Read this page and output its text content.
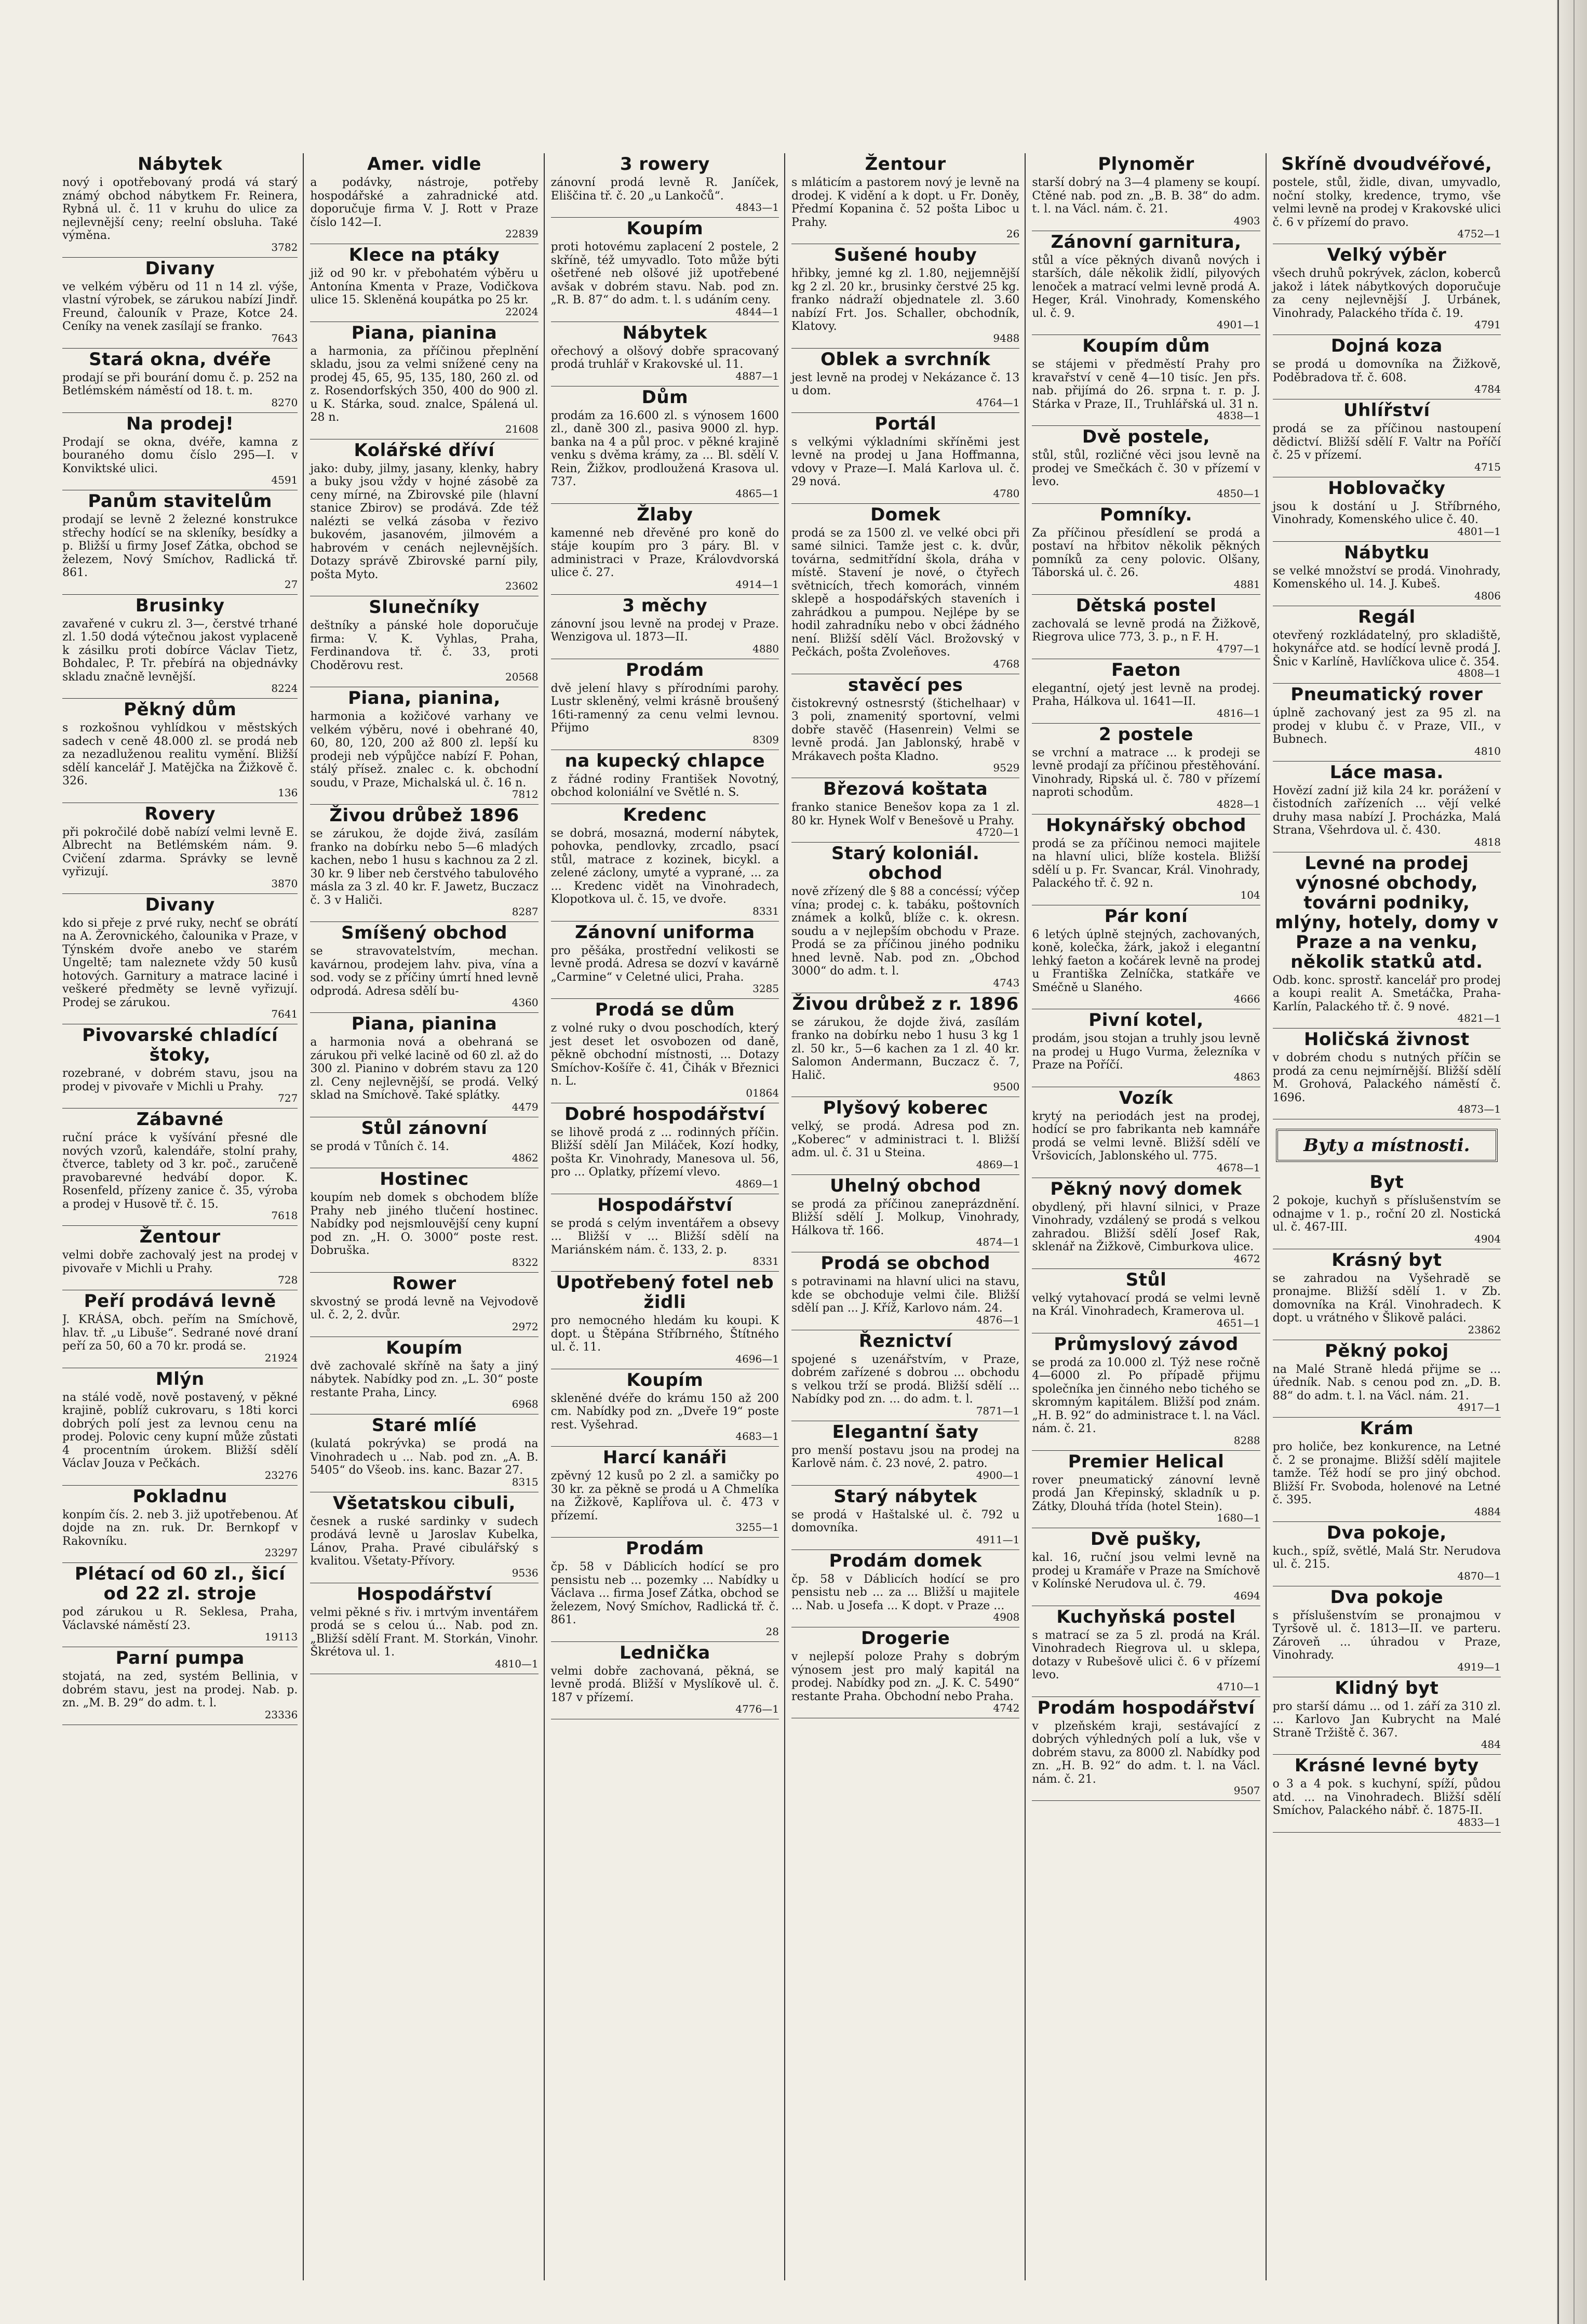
Nábytek

nový i opotřebovaný prodá vá starý známý obchod nábytkem Fr. Reinera, Rybná ul. č. 11 v kruhu do ulice za nejlevnější ceny; reelní obsluha. Také výměna.

3782
Divany

ve velkém výběru od 11 n 14 zl. výše, vlastní výrobek, se zárukou nabízí Jindř. Freund, čalouník v Praze, Kotce 24. Ceníky na venek zasílají se franko.

7643
Stará okna, dvéře

prodají se při bourání domu č. p. 252 na Betlémském náměstí od 18. t. m.

8270
Na prodej!

Prodají se okna, dvéře, kamna z bouraného domu číslo 295—I. v Konviktské ulici.

4591
Panům stavitelům

prodají se levně 2 železné konstrukce střechy hodící se na skleníky, besídky a p. Bližší u firmy Josef Zátka, obchod se železem, Nový Smíchov, Radlická tř. 861.

27
Brusinky

zavařené v cukru zl. 3—, čerstvé trhané zl. 1.50 dodá výtečnou jakost vyplaceně k zásilku proti dobírce Václav Tietz, Bohdalec, P. Tr. přebírá na objednávky skladu značně levnější.

8224
Pěkný dům

s rozkošnou vyhlídkou v městských sadech v ceně 48.000 zl. se prodá neb za nezadluženou realitu vymění. Bližší sdělí kancelář J. Matějčka na Žižkově č. 326.

136
Rovery

při pokročilé době nabízí velmi levně E. Albrecht na Betlémském nám. 9. Cvičení zdarma. Správky se levně vyřizují.

3870
Divany

kdo si přeje z prvé ruky, nechť se obrátí na A. Žerovnického, čalounika v Praze, v Týnském dvoře anebo ve starém Ungeltě; tam naleznete vždy 50 kusů hotových. Garnitury a matrace laciné i veškeré předměty se levně vyřizují. Prodej se zárukou.

7641
Pivovarské chladící štoky,

rozebrané, v dobrém stavu, jsou na prodej v pivovaře v Michli u Prahy.

727
Zábavné

ruční práce k vyšívání přesné dle nových vzorů, kalendáře, stolní prahy, čtverce, tablety od 3 kr. poč., zaručeně pravobarevné hedvábí dopor. K. Rosenfeld, přízeny zanice č. 35, výroba a prodej v Husově tř. č. 15.

7618
Žentour

velmi dobře zachovalý jest na prodej v pivovaře v Michli u Prahy.

728
Peří prodává levně

J. KRÁSA, obch. peřím na Smíchově, hlav. tř. „u Libuše“. Sedrané nové draní peří za 50, 60 a 70 kr. prodá se.

21924
Mlýn

na stálé vodě, nově postavený, v pěkné krajině, poblíž cukrovaru, s 18ti korci dobrých polí jest za levnou cenu na prodej. Polovic ceny kupní může zůstati 4 procentním úrokem. Bližší sdělí Václav Jouza v Pečkách.

23276
Pokladnu

konpím čís. 2. neb 3. již upotřebenou. Ať dojde na zn. ruk. Dr. Bernkopf v Rakovníku.

23297
Plétací od 60 zl., šicí od 22 zl. stroje

pod zárukou u R. Seklesa, Praha, Václavské náměstí 23.

19113
Parní pumpa

stojatá, na zed, systém Bellinia, v dobrém stavu, jest na prodej. Nab. p. zn. „M. B. 29“ do adm. t. l.

23336
Amer. vidle

a podávky, nástroje, potřeby hospodářské a zahradnické atd. doporučuje firma V. J. Rott v Praze číslo 142—I.

22839
Klece na ptáky

již od 90 kr. v přebohatém výběru u Antonína Kmenta v Praze, Vodičkova ulice 15. Skleněná koupátka po 25 kr.

22024
Piana, pianina

a harmonia, za příčinou přeplnění skladu, jsou za velmi snížené ceny na prodej 45, 65, 95, 135, 180, 260 zl. od z. Rosendorfských 350, 400 do 900 zl. u K. Stárka, soud. znalce, Spálená ul. 28 n.

21608
Kolářské dříví

jako: duby, jilmy, jasany, klenky, habry a buky jsou vždy v hojné zásobě za ceny mírné, na Zbirovské pile (hlavní stanice Zbirov) se prodává. Zde též nalézti se velká zásoba v řezivo bukovém, jasanovém, jilmovém a habrovém v cenách nejlevnějších. Dotazy správě Zbirovské parní pily, pošta Myto.

23602
Slunečníky

deštníky a pánské hole doporučuje firma: V. K. Vyhlas, Praha, Ferdinandova tř. č. 33, proti Choděrovu rest.

20568
Piana, pianina,

harmonia a kožičové varhany ve velkém výběru, nové i obehrané 40, 60, 80, 120, 200 až 800 zl. lepší ku prodeji neb výpůjčce nabízí F. Pohan, stálý přísež. znalec c. k. obchodní soudu, v Praze, Michalská ul. č. 16 n.

7812
Živou drůbež 1896

se zárukou, že dojde živá, zasílám franko na dobírku nebo 5—6 mladých kachen, nebo 1 husu s kachnou za 2 zl. 30 kr. 9 liber neb čerstvého tabulového másla za 3 zl. 40 kr. F. Jawetz, Buczacz č. 3 v Haliči.

8287
Smíšený obchod

se stravovatelstvím, mechan. kavárnou, prodejem lahv. piva, vína a sod. vody se z příčiny úmrtí hned levně odprodá. Adresa sdělí bu-

4360
Piana, pianina

a harmonia nová a obehraná se zárukou při velké lacině od 60 zl. až do 300 zl. Pianino v dobrém stavu za 120 zl. Ceny nejlevnější, se prodá. Velký sklad na Smíchově. Také splátky.

4479
Stůl zánovní

se prodá v Tůních č. 14.

4862
Hostinec

koupím neb domek s obchodem blíže Prahy neb jiného tlučení hostinec. Nabídky pod nejsmlouvější ceny kupní pod zn. „H. O. 3000“ poste rest. Dobruška.

8322
Rower

skvostný se prodá levně na Vejvodově ul. č. 2, 2. dvůr.

2972
Koupím

dvě zachovalé skříně na šaty a jiný nábytek. Nabídky pod zn. „L. 30“ poste restante Praha, Lincy.

6968
Staré mlíé

(kulatá pokrývka) se prodá na Vinohradech u ... Nab. pod zn. „A. B. 5405“ do Všeob. ins. kanc. Bazar 27.

8315
Všetatskou cibuli,

česnek a ruské sardinky v sudech prodává levně u Jaroslav Kubelka, Lánov, Praha. Pravé cibulářský s kvalitou. Všetaty-Přívory.

9536
Hospodářství

velmi pěkné s řiv. i mrtvým inventářem prodá se s celou ú... Nab. pod zn. „Bližší sdělí Frant. M. Storkán, Vinohr. Škrétova ul. 1.

4810—1
3 rowery

zánovní prodá levně R. Janíček, Eliščina tř. č. 20 „u Lankočů“.

4843—1
Koupím

proti hotovému zaplacení 2 postele, 2 skříně, též umyvadlo. Toto může býti ošetřené neb olšové již upotřebené avšak v dobrém stavu. Nab. pod zn. „R. B. 87“ do adm. t. l. s udáním ceny.

4844—1
Nábytek

ořechový a olšový dobře spracovaný prodá truhlář v Krakovské ul. 11.

4887—1
Dům

prodám za 16.600 zl. s výnosem 1600 zl., daně 300 zl., pasiva 9000 zl. hyp. banka na 4 a půl proc. v pěkné krajině venku s dvěma krámy, za ... Bl. sdělí V. Rein, Žižkov, prodloužená Krasova ul. 737.

4865—1
Žlaby

kamenné neb dřevěné pro koně do stáje koupím pro 3 páry. Bl. v administraci v Praze, Královdvorská ulice č. 27.

4914—1
3 měchy

zánovní jsou levně na prodej v Praze. Wenzigova ul. 1873—II.

4880
Prodám

dvě jelení hlavy s přírodními parohy. Lustr skleněný, velmi krásně broušený 16ti-ramenný za cenu velmi levnou. Přijmo

8309
na kupecký chlapce

z řádné rodiny František Novotný, obchod koloniální ve Světlé n. S.

Kredenc

se dobrá, mosazná, moderní nábytek, pohovka, pendlovky, zrcadlo, psací stůl, matrace z kozinek, bicykl. a zelené záclony, umyté a vyprané, ... za ... Kredenc vidět na Vinohradech, Klopotkova ul. č. 15, ve dvoře.

8331
Zánovní uniforma

pro pěšáka, prostřední velikosti se levně prodá. Adresa se dozví v kavárně „Carmine“ v Celetné ulici, Praha.

3285
Prodá se dům

z volné ruky o dvou poschodích, který jest deset let osvobozen od daně, pěkně obchodní místnosti, ... Dotazy Smíchov-Košíře č. 41, Čihák v Březnici n. L.

01864
Dobré hospodářství

se lihově prodá z ... rodinných příčin. Bližší sdělí Jan Miláček, Kozí hodky, pošta Kr. Vinohrady, Manesova ul. 56, pro ... Oplatky, přízemí vlevo.

4869—1
Hospodářství

se prodá s celým inventářem a obsevy ... Bližší v ... Bližší sdělí na Mariánském nám. č. 133, 2. p.

8331
Upotřebený fotel neb židli

pro nemocného hledám ku koupi. K dopt. u Štěpána Stříbrného, Štítného ul. č. 11.

4696—1
Koupím

skleněné dvéře do krámu 150 až 200 cm. Nabídky pod zn. „Dveře 19“ poste rest. Vyšehrad.

4683—1
Harcí kanáři

zpěvný 12 kusů po 2 zl. a samičky po 30 kr. za pěkně se prodá u A Chmelíka na Žižkově, Kaplířova ul. č. 473 v přízemí.

3255—1
Prodám

čp. 58 v Dáblicích hodící se pro pensistu neb ... pozemky ... Nabídky u Václava ... firma Josef Zátka, obchod se železem, Nový Smíchov, Radlická tř. č. 861.

28
Lednička

velmi dobře zachovaná, pěkná, se levně prodá. Bližší v Myslíkově ul. č. 187 v přízemí.

4776—1
Žentour

s mláticím a pastorem nový je levně na drodej. K vidění a k dopt. u Fr. Doněy, Předmí Kopanina č. 52 pošta Liboc u Prahy.

26
Sušené houby

hřibky, jemné kg zl. 1.80, nejjemnější kg 2 zl. 20 kr., brusinky čerstvé 25 kg. franko nádraží objednatele zl. 3.60 nabízí Frt. Jos. Schaller, obchodník, Klatovy.

9488
Oblek a svrchník

jest levně na prodej v Nekázance č. 13 u dom.

4764—1
Portál

s velkými výkladními skříněmi jest levně na prodej u Jana Hoffmanna, vdovy v Praze—I. Malá Karlova ul. č. 29 nová.

4780
Domek

prodá se za 1500 zl. ve velké obci při samé silnici. Tamže jest c. k. dvůr, továrna, sedmitřídní škola, dráha v místě. Stavení je nové, o čtyřech světnicích, třech komorách, vinném sklepě a hospodářských staveních i zahrádkou a pumpou. Nejlépe by se hodil zahradníku nebo v obci žádného není. Bližší sdělí Václ. Brožovský v Pečkách, pošta Zvoleňoves.

4768
stavěcí pes

čistokrevný ostnesrstý (štichelhaar) v 3 poli, znamenitý sportovní, velmi dobře stavěč (Hasenrein) Velmi se levně prodá. Jan Jablonský, hrabě v Mrákavech pošta Kladno.

9529
Březová koštata

franko stanice Benešov kopa za 1 zl. 80 kr. Hynek Wolf v Benešově u Prahy.

4720—1
Starý koloniál. obchod

nově zřízený dle § 88 a concéssí; výčep vína; prodej c. k. tabáku, poštovních známek a kolků, blíže c. k. okresn. soudu a v nejlepším obchodu v Praze. Prodá se za příčinou jiného podniku hned levně. Nab. pod zn. „Obchod 3000“ do adm. t. l.

4743
Živou drůbež z r. 1896

se zárukou, že dojde živá, zasílám franko na dobírku nebo 1 husu 3 kg 1 zl. 50 kr., 5—6 kachen za 1 zl. 40 kr. Salomon Andermann, Buczacz č. 7, Halič.

9500
Plyšový koberec

velký, se prodá. Adresa pod zn. „Koberec“ v administraci t. l. Bližší adm. ul. č. 31 u Steina.

4869—1
Uhelný obchod

se prodá za příčinou zaneprázdnění. Bližší sdělí J. Molkup, Vinohrady, Hálkova tř. 166.

4874—1
Prodá se obchod

s potravinami na hlavní ulici na stavu, kde se obchoduje velmi čile. Bližší sdělí pan ... J. Kříž, Karlovo nám. 24.

4876—1
Řeznictví

spojené s uzenářstvím, v Praze, dobrém zařízené s dobrou ... obchodu s velkou trží se prodá. Bližší sdělí ... Nabídky pod zn. ... do adm. t. l.

7871—1
Elegantní šaty

pro menší postavu jsou na prodej na Karlově nám. č. 23 nové, 2. patro.

4900—1
Starý nábytek

se prodá v Haštalské ul. č. 792 u domovníka.

4911—1
Prodám domek

čp. 58 v Dáblicích hodící se pro pensistu neb ... za ... Bližší u majitele ... Nab. u Josefa ... K dopt. v Praze ...

4908
Drogerie

v nejlepší poloze Prahy s dobrým výnosem jest pro malý kapitál na prodej. Nabídky pod zn. „J. K. C. 5490“ restante Praha. Obchodní nebo Praha.

4742
Plynoměr

starší dobrý na 3—4 plameny se koupí. Ctěné nab. pod zn. „B. B. 38“ do adm. t. l. na Václ. nám. č. 21.

4903
Zánovní garnitura,

stůl a více pěkných divanů nových i starších, dále několik židlí, pilyových lenoček a matrací velmi levně prodá A. Heger, Král. Vinohrady, Komenského ul. č. 9.

4901—1
Koupím dům

se stájemi v předměstí Prahy pro kravařství v ceně 4—10 tisíc. Jen přs. nab. přijímá do 26. srpna t. r. p. J. Stárka v Praze, II., Truhlářská ul. 31 n.

4838—1
Dvě postele,

stůl, stůl, rozličné věci jsou levně na prodej ve Smečkách č. 30 v přízemí v levo.

4850—1
Pomníky.

Za příčinou přesídlení se prodá a postaví na hřbitov několik pěkných pomníků za ceny polovic. Olšany, Táborská ul. č. 26.

4881
Dětská postel

zachovalá se levně prodá na Žižkově, Riegrova ulice 773, 3. p., n F. H.

4797—1
Faeton

elegantní, ojetý jest levně na prodej. Praha, Hálkova ul. 1641—II.

4816—1
2 postele

se vrchní a matrace ... k prodeji se levně prodají za příčinou přestěhování. Vinohrady, Ripská ul. č. 780 v přízemí naproti schodům.

4828—1
Hokynářský obchod

prodá se za příčinou nemoci majitele na hlavní ulici, blíže kostela. Bližší sdělí u p. Fr. Svancar, Král. Vinohrady, Palackého tř. č. 92 n.

104
Pár koní

6 letých úplně stejných, zachovaných, koně, kolečka, žárk, jakož i elegantní lehký faeton a kočárek levně na prodej u Františka Zelníčka, statkáře ve Sméčně u Slaného.

4666
Pivní kotel,

prodám, jsou stojan a truhly jsou levně na prodej u Hugo Vurma, železníka v Praze na Poříčí.

4863
Vozík

krytý na periodách jest na prodej, hodící se pro fabrikanta neb kamnáře prodá se velmi levně. Bližší sdělí ve Vršovicích, Jablonského ul. 775.

4678—1
Pěkný nový domek

obydlený, při hlavní silnici, v Praze Vinohrady, vzdálený se prodá s velkou zahradou. Bližší sdělí Josef Rak, sklenář na Žižkově, Cimburkova ulice.

4672
Stůl

velký vytahovací prodá se velmi levně na Král. Vinohradech, Kramerova ul.

4651—1
Průmyslový závod

se prodá za 10.000 zl. Týž nese ročně 4—6000 zl. Po případě přijmu společníka jen činného nebo tichého se skromným kapitálem. Bližší pod znám. „H. B. 92“ do administrace t. l. na Václ. nám. č. 21.

8288
Premier Helical

rover pneumatický zánovní levně prodá Jan Křepinský, skladník u p. Zátky, Dlouhá třída (hotel Stein).

1680—1
Dvě pušky,

kal. 16, ruční jsou velmi levně na prodej u Kramáře v Praze na Smíchově v Kolínské Nerudova ul. č. 79.

4694
Kuchyňská postel

s matrací se za 5 zl. prodá na Král. Vinohradech Riegrova ul. u sklepa, dotazy v Rubešově ulici č. 6 v přízemí levo.

4710—1
Prodám hospodářství

v plzeňském kraji, sestávající z dobrých výhledných polí a luk, vše v dobrém stavu, za 8000 zl. Nabídky pod zn. „H. B. 92“ do adm. t. l. na Václ. nám. č. 21.

9507
Skříně dvoudvéřové,

postele, stůl, židle, divan, umyvadlo, noční stolky, kredence, trymo, vše velmi levně na prodej v Krakovské ulici č. 6 v přízemí do pravo.

4752—1
Velký výběr

všech druhů pokrývek, záclon, koberců jakož i látek nábytkových doporučuje za ceny nejlevnější J. Urbánek, Vinohrady, Palackého třída č. 19.

4791
Dojná koza

se prodá u domovníka na Žižkově, Poděbradova tř. č. 608.

4784
Uhlířství

prodá se za příčinou nastoupení dědictví. Bližší sdělí F. Valtr na Poříčí č. 25 v přízemí.

4715
Hoblovačky

jsou k dostání u J. Stříbrného, Vinohrady, Komenského ulice č. 40.

4801—1
Nábytku

se velké množství se prodá. Vinohrady, Komenského ul. 14. J. Kubeš.

4806
Regál

otevřený rozkládatelný, pro skladiště, hokynářce atd. se hodící levně prodá J. Šnic v Karlíně, Havlíčkova ulice č. 354.

4808—1
Pneumatický rover

úplně zachovaný jest za 95 zl. na prodej v klubu č. v Praze, VII., v Bubnech.

4810
Láce masa.

Hovězí zadní již kila 24 kr. porážení v čistodních zařízeních ... vějí velké druhy masa nabízí J. Procházka, Malá Strana, Všehrdova ul. č. 430.

4818
Levné na prodej výnosné obchody, továrni podniky, mlýny, hotely, domy v Praze a na venku, několik statků atd.

Odb. konc. sprostř. kancelář pro prodej a koupi realit A. Smetáčka, Praha-Karlín, Palackého tř. č. 9 nové.

4821—1
Holičská živnost

v dobrém chodu s nutných příčin se prodá za cenu nejmírnější. Bližší sdělí M. Grohová, Palackého náměstí č. 1696.

4873—1
Byty a místnosti.
Byt

2 pokoje, kuchyň s příslušenstvím se odnajme v 1. p., roční 20 zl. Nostická ul. č. 467-III.

4904
Krásný byt

se zahradou na Vyšehradě se pronajme. Bližší sdělí 1. v Zb. domovníka na Král. Vinohradech. K dopt. u vrátného v Šlikově paláci.

23862
Pěkný pokoj

na Malé Straně hledá přijme se ... úředník. Nab. s cenou pod zn. „D. B. 88“ do adm. t. l. na Václ. nám. 21.

4917—1
Krám

pro holiče, bez konkurence, na Letné č. 2 se pronajme. Bližší sdělí majitele tamže. Též hodí se pro jiný obchod. Bližší Fr. Svoboda, holenové na Letné č. 395.

4884
Dva pokoje,

kuch., spíž, světlé, Malá Str. Nerudova ul. č. 215.

4870—1
Dva pokoje

s příslušenstvím se pronajmou v Tyršově ul. č. 1813—II. ve parteru. Zároveň ... úhradou v Praze, Vinohrady.

4919—1
Klidný byt

pro starší dámu ... od 1. září za 310 zl. ... Karlovo Jan Kubrycht na Malé Straně Tržiště č. 367.

484
Krásné levné byty

o 3 a 4 pok. s kuchyní, spíží, půdou atd. ... na Vinohradech. Bližší sdělí Smíchov, Palackého nábř. č. 1875-II.

4833—1
